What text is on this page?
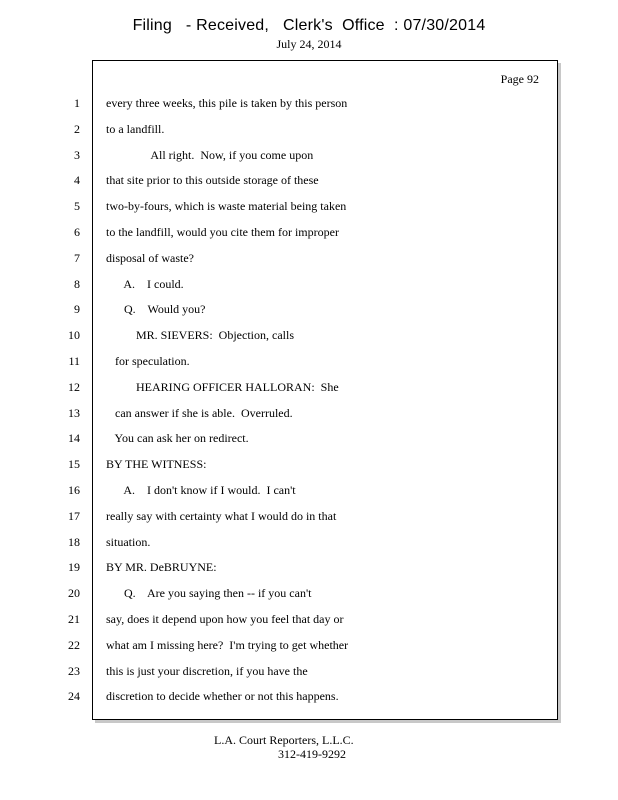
Filing   - Received,   Clerk's  Office  : 07/30/2014
July 24, 2014
Page 92
1 every three weeks, this pile is taken by this person
2 to a landfill.
3 All right.  Now, if you come upon
4 that site prior to this outside storage of these
5 two-by-fours, which is waste material being taken
6 to the landfill, would you cite them for improper
7 disposal of waste?
8 A.    I could.
9 Q.    Would you?
10 MR. SIEVERS:  Objection, calls
11 for speculation.
12 HEARING OFFICER HALLORAN:  She
13 can answer if she is able.  Overruled.
14 You can ask her on redirect.
15 BY THE WITNESS:
16 A.    I don't know if I would.  I can't
17 really say with certainty what I would do in that
18 situation.
19 BY MR. DeBRUYNE:
20 Q.    Are you saying then -- if you can't
21 say, does it depend upon how you feel that day or
22 what am I missing here?  I'm trying to get whether
23 this is just your discretion, if you have the
24 discretion to decide whether or not this happens.
L.A. Court Reporters, L.L.C.
312-419-9292
